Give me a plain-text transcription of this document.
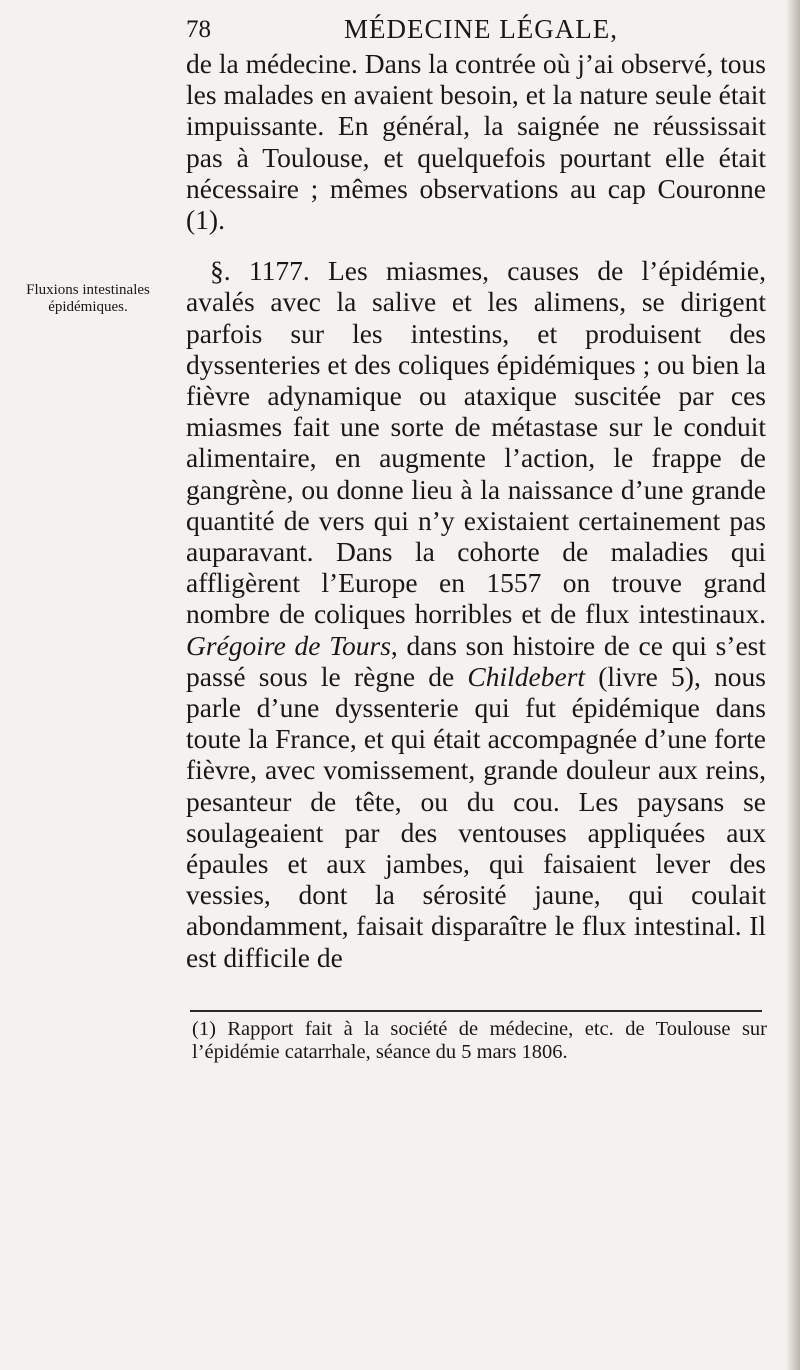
78	MÉDECINE LÉGALE,
Fluxions intestinales épidémiques.

de la médecine. Dans la contrée où j’ai observé, tous les malades en avaient besoin, et la nature seule était impuissante. En général, la saignée ne réussissait pas à Toulouse, et quelquefois pourtant elle était nécessaire ; mêmes observations au cap Couronne (1).

§. 1177. Les miasmes, causes de l’épidémie, avalés avec la salive et les alimens, se dirigent parfois sur les intestins, et produisent des dyssenteries et des coliques épidémiques ; ou bien la fièvre adynamique ou ataxique suscitée par ces miasmes fait une sorte de métastase sur le conduit alimentaire, en augmente l’action, le frappe de gangrène, ou donne lieu à la naissance d’une grande quantité de vers qui n’y existaient certainement pas auparavant. Dans la cohorte de maladies qui affligèrent l’Europe en 1557 on trouve grand nombre de coliques horribles et de flux intestinaux. Grégoire de Tours, dans son histoire de ce qui s’est passé sous le règne de Childebert (livre 5), nous parle d’une dyssenterie qui fut épidémique dans toute la France, et qui était accompagnée d’une forte fièvre, avec vomissement, grande douleur aux reins, pesanteur de tête, ou du cou. Les paysans se soulageaient par des ventouses appliquées aux épaules et aux jambes, qui faisaient lever des vessies, dont la sérosité jaune, qui coulait abondamment, faisait disparaître le flux intestinal. Il est difficile de

(1) Rapport fait à la société de médecine, etc. de Toulouse sur l’épidémie catarrhale, séance du 5 mars 1806.
